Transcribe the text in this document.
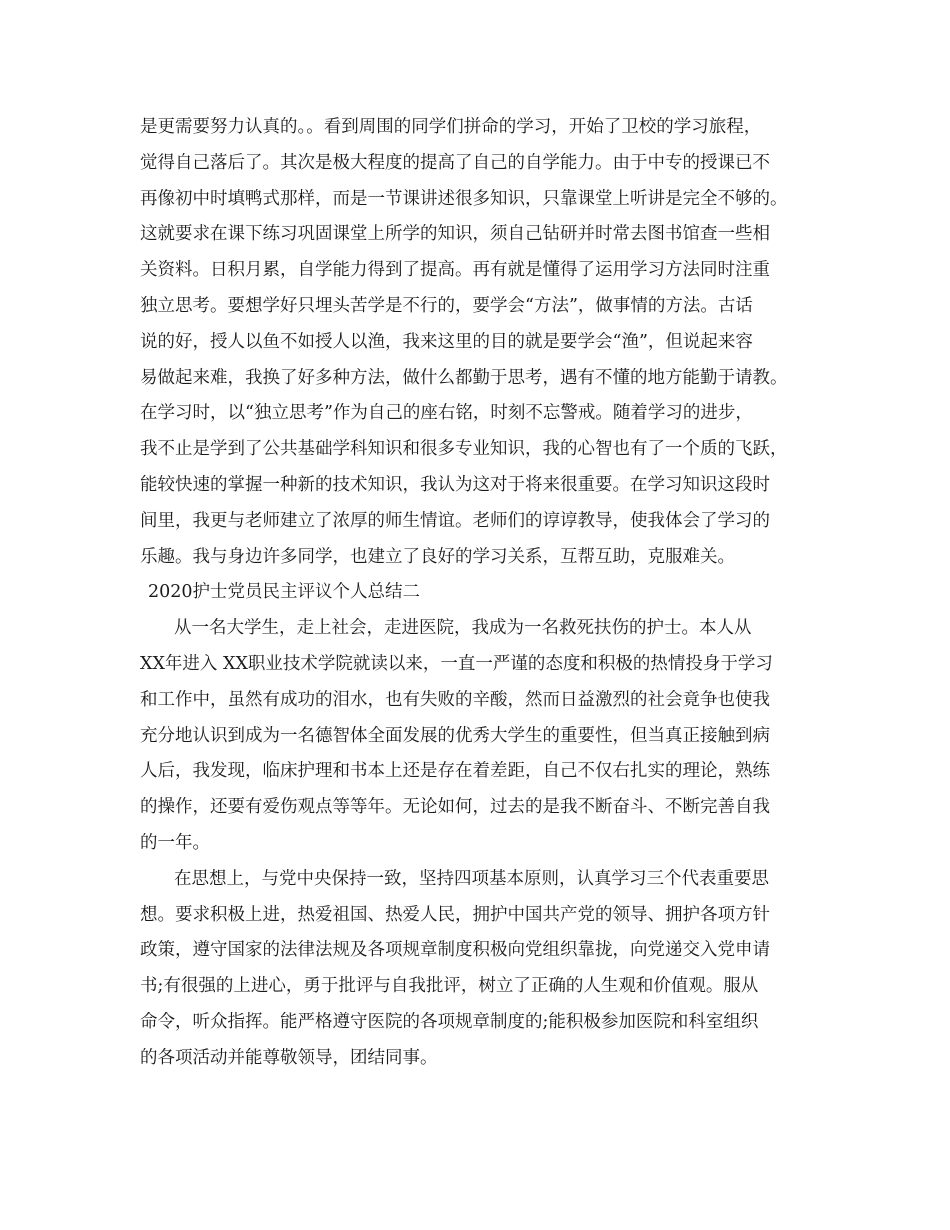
是更需要努力认真的。。看到周围的同学们拼命的学习，开始了卫校的学习旅程，
觉得自己落后了。其次是极大程度的提高了自己的自学能力。由于中专的授课已不
再像初中时填鸭式那样，而是一节课讲述很多知识，只靠课堂上听讲是完全不够的。
这就要求在课下练习巩固课堂上所学的知识，须自己钻研并时常去图书馆查一些相
关资料。日积月累，自学能力得到了提高。再有就是懂得了运用学习方法同时注重
独立思考。要想学好只埋头苦学是不行的，要学会“方法”，做事情的方法。古话
说的好，授人以鱼不如授人以渔，我来这里的目的就是要学会“渔”，但说起来容
易做起来难，我换了好多种方法，做什么都勤于思考，遇有不懂的地方能勤于请教。
在学习时，以“独立思考”作为自己的座右铭，时刻不忘警戒。随着学习的进步，
我不止是学到了公共基础学科知识和很多专业知识，我的心智也有了一个质的飞跃，
能较快速的掌握一种新的技术知识，我认为这对于将来很重要。在学习知识这段时
间里，我更与老师建立了浓厚的师生情谊。老师们的谆谆教导，使我体会了学习的
乐趣。我与身边许多同学，也建立了良好的学习关系，互帮互助，克服难关。
2020护士党员民主评议个人总结二
从一名大学生，走上社会，走进医院，我成为一名救死扶伤的护士。本人从
XX年进入 XX职业技术学院就读以来，一直一严谨的态度和积极的热情投身于学习
和工作中，虽然有成功的泪水，也有失败的辛酸，然而日益激烈的社会竟争也使我
充分地认识到成为一名德智体全面发展的优秀大学生的重要性，但当真正接触到病
人后，我发现，临床护理和书本上还是存在着差距，自己不仅右扎实的理论，熟练
的操作，还要有爱伤观点等等年。无论如何，过去的是我不断奋斗、不断完善自我
的一年。
在思想上，与党中央保持一致，坚持四项基本原则，认真学习三个代表重要思
想。要求积极上进，热爱祖国、热爱人民，拥护中国共产党的领导、拥护各项方针
政策，遵守国家的法律法规及各项规章制度积极向党组织靠拢，向党递交入党申请
书;有很强的上进心，勇于批评与自我批评，树立了正确的人生观和价值观。服从
命令，听众指挥。能严格遵守医院的各项规章制度的;能积极参加医院和科室组织
的各项活动并能尊敬领导，团结同事。
